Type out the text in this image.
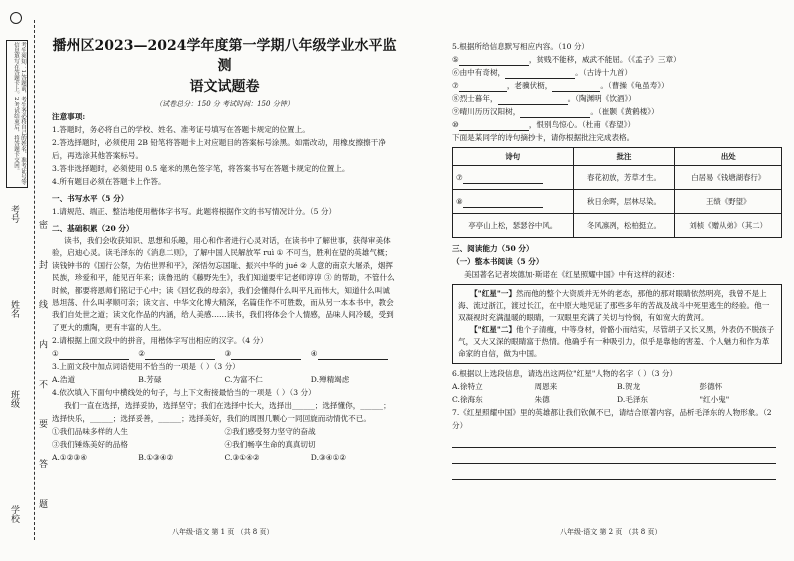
考生须知：1.答题前，考生务必将自己的姓名、准考证号等信息填写在答题卡上。2.考试结束后，将答题卡交回。
考号
姓名
班级
学校 密 封 线 内 不 要 答 题
播州区2023—2024学年度第一学期八年级学业水平监测
语文试题卷
（试卷总分：150 分 考试时间：150 分钟）
注意事项:
1.答题时，务必将自己的学校、姓名、准考证号填写在答题卡规定的位置上。
2.答选择题时，必须使用 2B 铅笔将答题卡上对应题目的答案标号涂黑。如需改动，用橡皮擦擦干净后，再选涂其他答案标号。
3.答非选择题时，必须使用 0.5 毫米的黑色签字笔，将答案书写在答题卡规定的位置上。
4.所有题目必须在答题卡上作答。
一、书写水平（5 分）
1.请规范、端正、整洁地使用楷体字书写。此题将根据作文的书写情况计分。（5 分）
二、基础积累（20 分）
读书，我们会收获知识、思想和乐趣，用心和作者进行心灵对话，在读书中了解世事，获得审美体验，启迪心灵。读毛泽东的《消息二则》，了解中国人民解放军 ruì ① 不可当，胜利在望的英雄气概；读钱钟书的《国行公祭，为佑世界和平》，深悟勿忘国耻、振兴中华的 jué ② 人意的南京大屠杀，烟挥民族，珍爱和平，能见百年来；读鲁迅的《藤野先生》，我们知道要牢记老师谆谆 ③ 的帮助，不管什么时候，都要将恩师们铭记于心中；读《回忆我的母亲》，我们会懂得什么叫平凡而伟大，知道什么叫诚恳坦荡、什么叫孝顺可亲；读文言、中华文化博大精深，名篇佳作不可胜数，而从另一本本书中，教会我们自处世之道；读文化作品的内涵，给人美感……读书，我们将体会个人情感，品味人间冷暖，受到了更大的熏陶，更有丰富的人生。
2.请根据上面文段中的拼音，用楷体字写出相应的汉字。（4 分）
①	②	③	④
3.上面文段中加点词语使用不恰当的一项是（ ）（3 分）
A.浩道	B.芳碌	C.为富不仁	D.殚精竭虑
4.依次填入下面句中横线处的句子，与上下文衔接最恰当的一项是（ ）（3 分）
我们一直在选择，选择妥协，选择坚守；我们在选择中长大，选择出______；选择懂你，______；选择快乐，______；选择妥善，______；选择美好，我们的周围几颗心一同回旋而动情优不已。
①我们品味多样的人生	②我们感受努力坚守的奋战
③我们锤炼美好的品格	④我们畅享生命的真真切切
A.①②③④	B.①③④②	C.③①④②	D.③④①②
八年级·语文 第 1 页 （共 8 页）
5.根据所给信息默写相应内容。（10 分）
⑤	，贫贱不能移，威武不能屈。（《孟子》三章）
⑥由中有奇树，	。（古诗十九首）
⑦	，老骥伏枥，	。（曹操《龟虽寿》）
⑧烈士暮年，	。（陶渊明《饮酒》）
⑨晴川历历汉阳树，	。（崔颢《黄鹤楼》）
⑩	，恨别鸟惊心。（杜甫《春望》）
下面是某同学的诗句摘抄卡，请你根据批注完成表格。
诗句	批注	出处
⑦	春花初放，芳草才生。	白居易《钱塘湖春行》
⑧	秋日余晖，层林尽染。	王绩《野望》
亭亭山上松，瑟瑟谷中风。	冬风凛冽，松柏挺立。	刘桢《赠从弟》（其二）
三、阅读能力（50 分）
（一）整本书阅读（5 分）
美国著名记者埃德加·斯诺在《红星照耀中国》中有这样的叙述：
【"红星"一】然而他的整个大资质并无外的老态，那他的那对眼睛依然明亮，我曾不是上海、流过浙江，渡过长江，在中原大地见证了那些多年的苦战及战斗中死里逃生的经验。他一双凝视时充满温暖的眼睛，一双眼里充满了关切与怜悯，有如宽大的黄河。
【"红星"二】他个子清瘦，中等身材，骨骼小而结实，尽管胡子又长又黑，外表仍不脱孩子气，又大又深的眼睛富于热情。他确乎有一种吸引力，似乎是靠他的害羞、个人魅力和作为革命家的自信，做为中国。
6.根据以上选段信息，请选出这两位"红星"人物的名字（ ）（3 分）
A.徐特立	周恩来	B.贺龙	彭德怀
C.徐海东	朱德	D.毛泽东	"红小鬼"
7.《红星照耀中国》里的英雄都让我们钦佩不已，请结合原著内容，品析毛泽东的人物形象。（2 分）
八年级·语文 第 2 页 （共 8 页）
